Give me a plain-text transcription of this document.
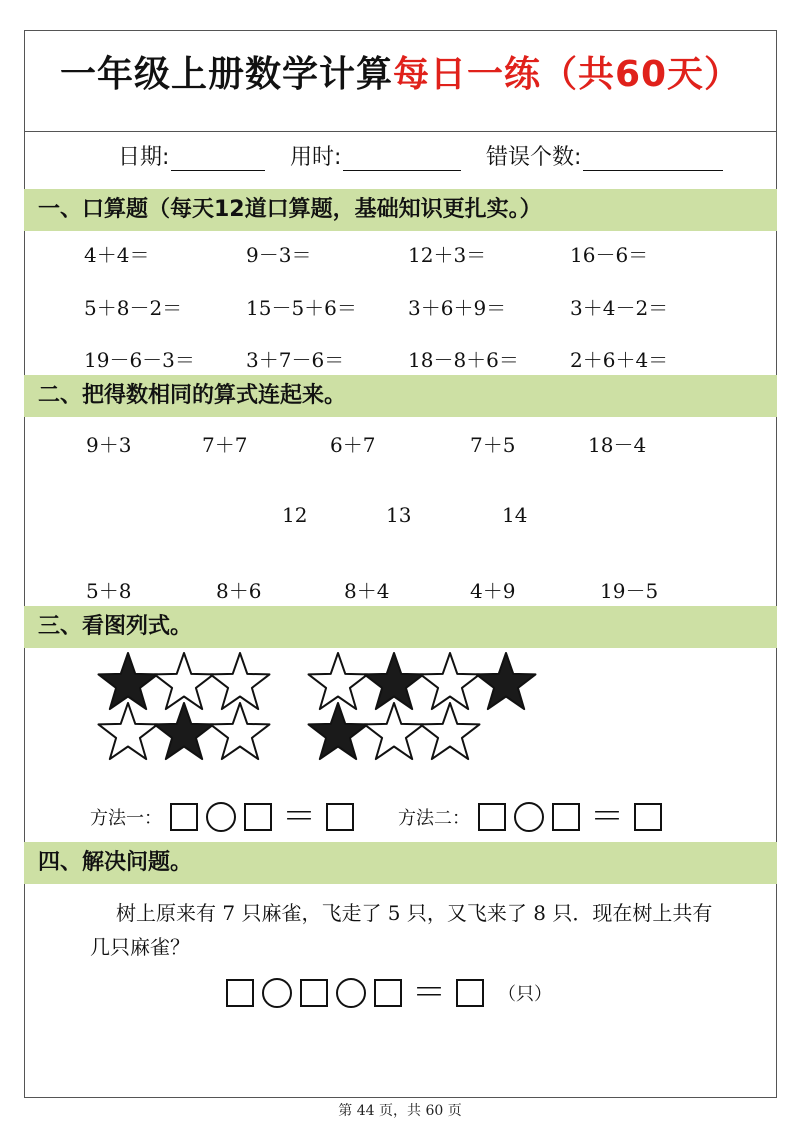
一年级上册数学计算每日一练（共60天）
日期:	用时:	错误个数:
一、口算题（每天12道口算题，基础知识更扎实。）
4＋4＝	9－3＝	12＋3＝	16－6＝
5＋8－2＝	15－5＋6＝	3＋6＋9＝	3＋4－2＝
19－6－3＝	3＋7－6＝	18－8＋6＝	2＋6＋4＝
二、把得数相同的算式连起来。
9＋3	7＋7	6＋7	7＋5	18－4
12	13	14
5＋8	8＋6	8＋4	4＋9	19－5
三、看图列式。
方法一：	＝	方法二：	＝
四、解决问题。
树上原来有 7 只麻雀，飞走了 5 只，又飞来了 8 只．现在树上共有几只麻雀？
＝	（只）
第 44 页，共 60 页
